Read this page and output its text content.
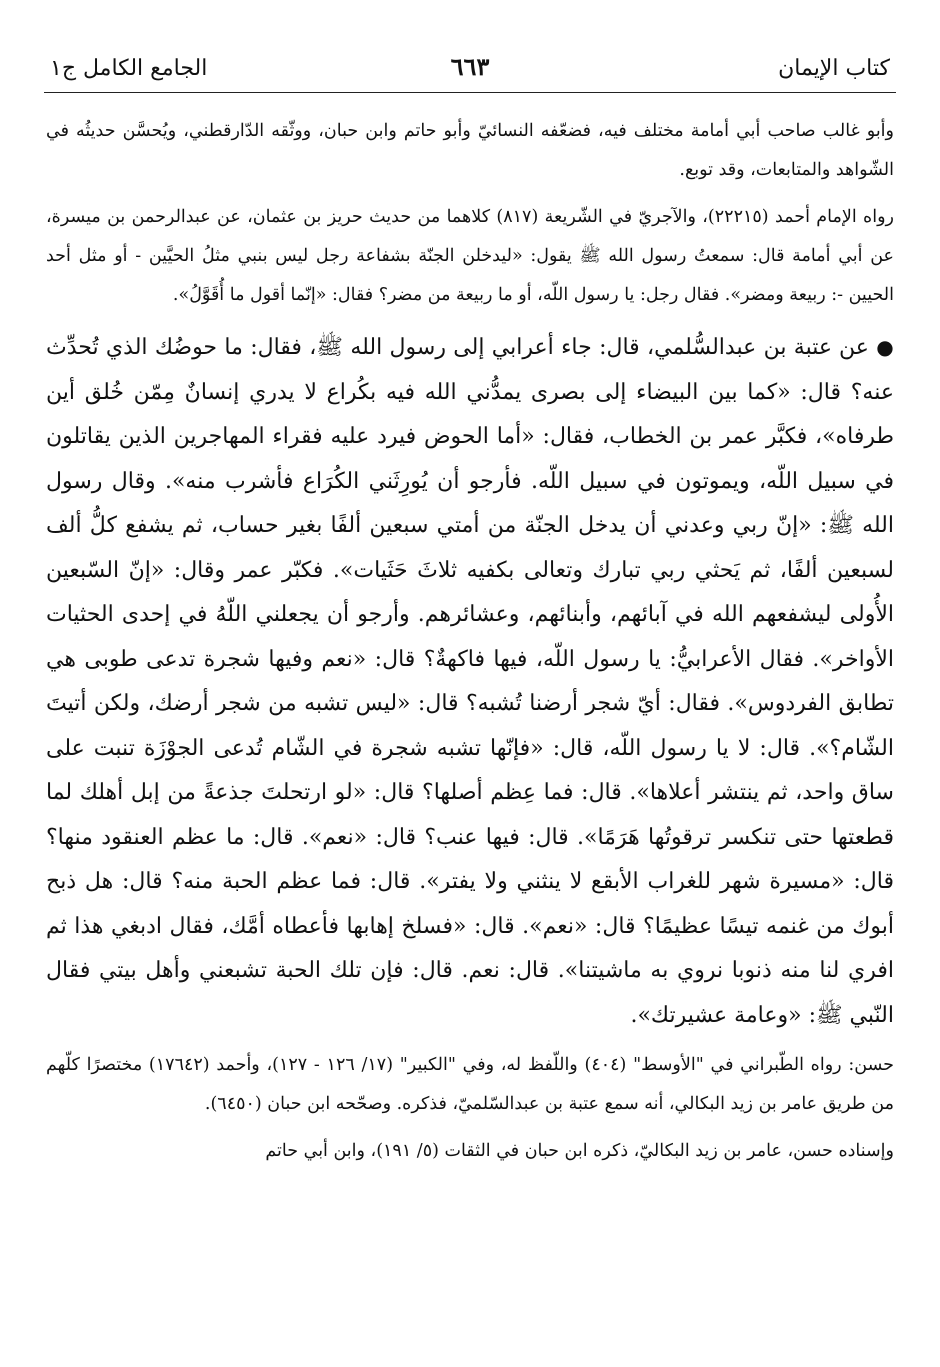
كتاب الإيمان
٦٦٣
الجامع الكامل ج١

وأبو غالب صاحب أبي أمامة مختلف فيه، فضعّفه النسائيّ وأبو حاتم وابن حبان، ووثّقه الدّارقطني، ويُحسَّن حديثُه في الشّواهد والمتابعات، وقد توبع.

رواه الإمام أحمد (٢٢٢١٥)، والآجريّ في الشّريعة (٨١٧) كلاهما من حديث حريز بن عثمان، عن عبدالرحمن بن ميسرة، عن أبي أمامة قال: سمعتُ رسول الله ﷺ يقول: «ليدخلن الجنّة بشفاعة رجل ليس بنبي مثلُ الحيَّين - أو مثل أحد الحيين -: ربيعة ومضر». فقال رجل: يا رسول اللّه، أو ما ربيعة من مضر؟ فقال: «إنّما أقول ما أُقَوَّلُ».

● عن عتبة بن عبدالسُّلمي، قال: جاء أعرابي إلى رسول الله ﷺ، فقال: ما حوضُك الذي تُحدِّث عنه؟ قال: «كما بين البيضاء إلى بصرى يمدُّني الله فيه بكُراع لا يدري إنسانٌ مِمّن خُلق أين طرفاه»، فكبَّر عمر بن الخطاب، فقال: «أما الحوض فيرد عليه فقراء المهاجرين الذين يقاتلون في سبيل اللّه، ويموتون في سبيل اللّه. فأرجو أن يُورِثَني الكُرَاع فأشرب منه». وقال رسول الله ﷺ: «إنّ ربي وعدني أن يدخل الجنّة من أمتي سبعين ألفًا بغير حساب، ثم يشفع كلُّ ألف لسبعين ألفًا، ثم يَحثي ربي تبارك وتعالى بكفيه ثلاثَ حَثَيات». فكبّر عمر وقال: «إنّ السّبعين الأُولى ليشفعهم الله في آبائهم، وأبنائهم، وعشائرهم. وأرجو أن يجعلني اللّهُ في إحدى الحثيات الأواخر». فقال الأعرابيُّ: يا رسول اللّه، فيها فاكهةٌ؟ قال: «نعم وفيها شجرة تدعى طوبى هي تطابق الفردوس». فقال: أيّ شجر أرضنا تُشبه؟ قال: «ليس تشبه من شجر أرضك، ولكن أتيتَ الشّام؟». قال: لا يا رسول اللّه، قال: «فإنّها تشبه شجرة في الشّام تُدعى الجوْزَة تنبت على ساق واحد، ثم ينتشر أعلاها». قال: فما عِظم أصلها؟ قال: «لو ارتحلتَ جذعةً من إبل أهلك لما قطعتها حتى تنكسر ترقوتُها هَرَمًا». قال: فيها عنب؟ قال: «نعم». قال: ما عظم العنقود منها؟ قال: «مسيرة شهر للغراب الأبقع لا ينثني ولا يفتر». قال: فما عظم الحبة منه؟ قال: هل ذبح أبوك من غنمه تيسًا عظيمًا؟ قال: «نعم». قال: «فسلخ إهابها فأعطاه أمَّك، فقال ادبغي هذا ثم افري لنا منه ذنوبا نروي به ماشيتنا». قال: نعم. قال: فإن تلك الحبة تشبعني وأهل بيتي فقال النّبي ﷺ: «وعامة عشيرتك».

حسن: رواه الطّبراني في "الأوسط" (٤٠٤) واللّفظ له، وفي "الكبير" (١٧/ ١٢٦ - ١٢٧)، وأحمد (١٧٦٤٢) مختصرًا كلّهم من طريق عامر بن زيد البكالي، أنه سمع عتبة بن عبدالسّلميّ، فذكره. وصحّحه ابن حبان (٦٤٥٠).

وإسناده حسن، عامر بن زيد البكاليّ، ذكره ابن حبان في الثقات (٥/ ١٩١)، وابن أبي حاتم
